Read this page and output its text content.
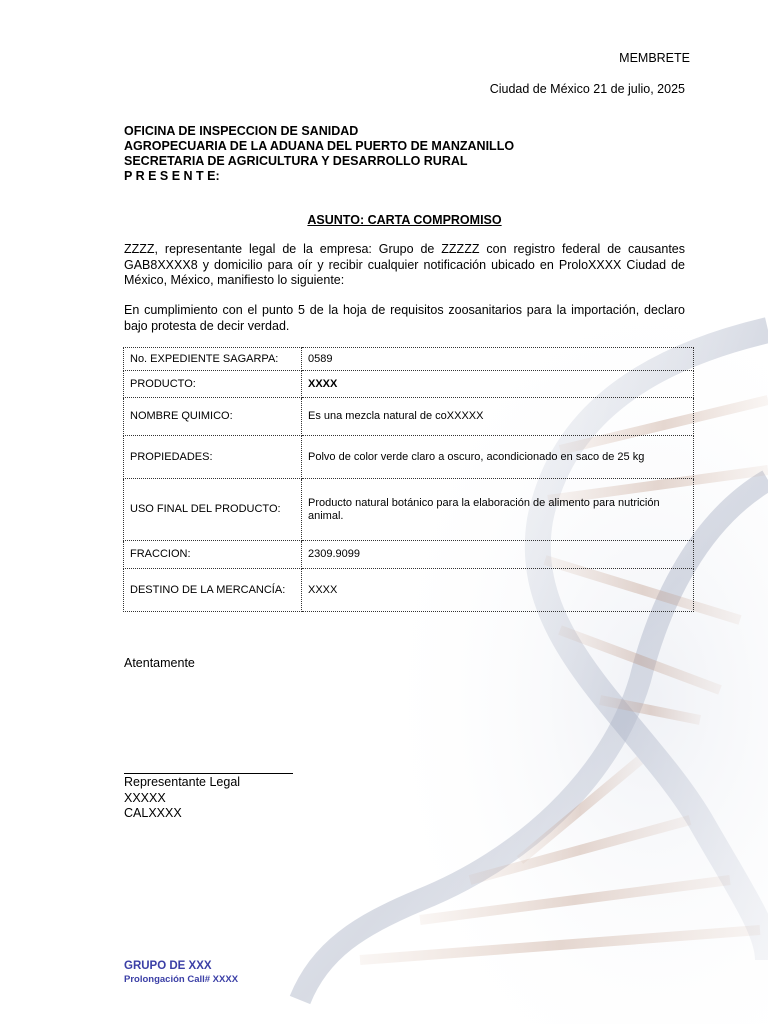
MEMBRETE
Ciudad de México 21 de julio, 2025
OFICINA DE INSPECCION DE SANIDAD
AGROPECUARIA DE LA ADUANA DEL PUERTO DE MANZANILLO
SECRETARIA DE AGRICULTURA Y DESARROLLO RURAL
P R E S E N T E:
ASUNTO: CARTA COMPROMISO
ZZZZ, representante legal de la empresa: Grupo de ZZZZZ con registro federal de causantes GAB8XXXX8 y domicilio para oír y recibir cualquier notificación ubicado en ProloXXXX Ciudad de México, México, manifiesto lo siguiente:
En cumplimiento con el punto 5 de la hoja de requisitos zoosanitarios para la importación, declaro bajo protesta de decir verdad.
No. EXPEDIENTE SAGARPA:	0589
PRODUCTO:	XXXX
NOMBRE QUIMICO:	Es una mezcla natural de coXXXXX
PROPIEDADES:	Polvo de color verde claro a oscuro, acondicionado en saco de 25 kg
USO FINAL DEL PRODUCTO:	Producto natural botánico para la elaboración de alimento para nutrición animal.
FRACCION:	2309.9099
DESTINO DE LA MERCANCÍA:	XXXX
Atentamente
Representante Legal
XXXXX
CALXXXX
GRUPO DE XXX
Prolongación Call# XXXX
